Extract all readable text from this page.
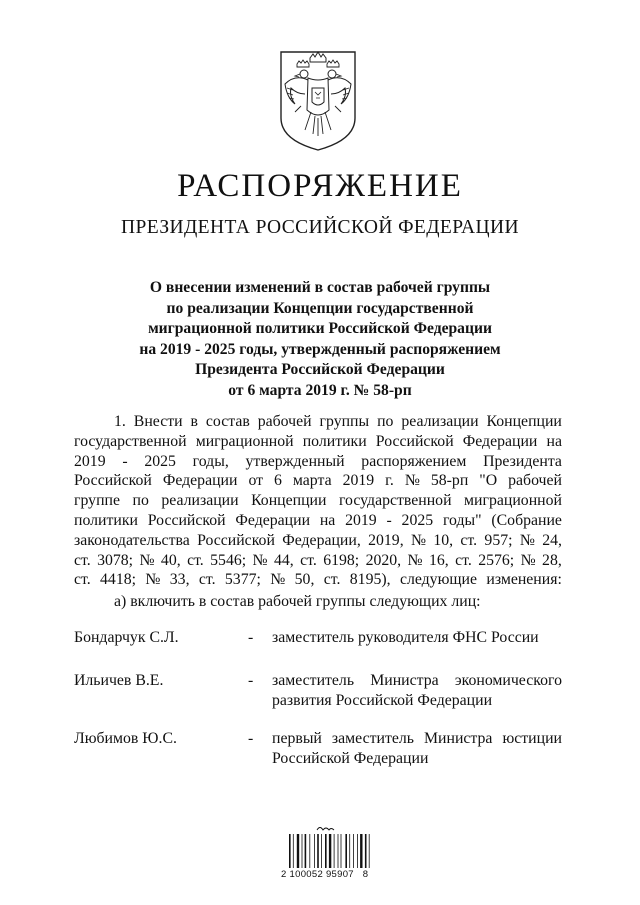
РАСПОРЯЖЕНИЕ
ПРЕЗИДЕНТА РОССИЙСКОЙ ФЕДЕРАЦИИ
О внесении изменений в состав рабочей группы
по реализации Концепции государственной
миграционной политики Российской Федерации
на 2019 - 2025 годы, утвержденный распоряжением
Президента Российской Федерации
от 6 марта 2019 г. № 58-рп
1. Внести в состав рабочей группы по реализации Концепции
государственной миграционной политики Российской Федерации на
2019 - 2025 годы, утвержденный распоряжением Президента
Российской Федерации от 6 марта 2019 г. № 58-рп "О рабочей
группе по реализации Концепции государственной миграционной
политики Российской Федерации на 2019 - 2025 годы" (Собрание
законодательства Российской Федерации, 2019, № 10, ст. 957; № 24,
ст. 3078; № 40, ст. 5546; № 44, ст. 6198; 2020, № 16, ст. 2576; № 28,
ст. 4418; № 33, ст. 5377; № 50, ст. 8195), следующие изменения:
а) включить в состав рабочей группы следующих лиц:
Бондарчук С.Л.	- заместитель руководителя ФНС России
Ильичев В.Е.	- заместитель Министра экономического
развития Российской Федерации
Любимов Ю.С.	- первый заместитель Министра юстиции
Российской Федерации
2 100052 95907   8
